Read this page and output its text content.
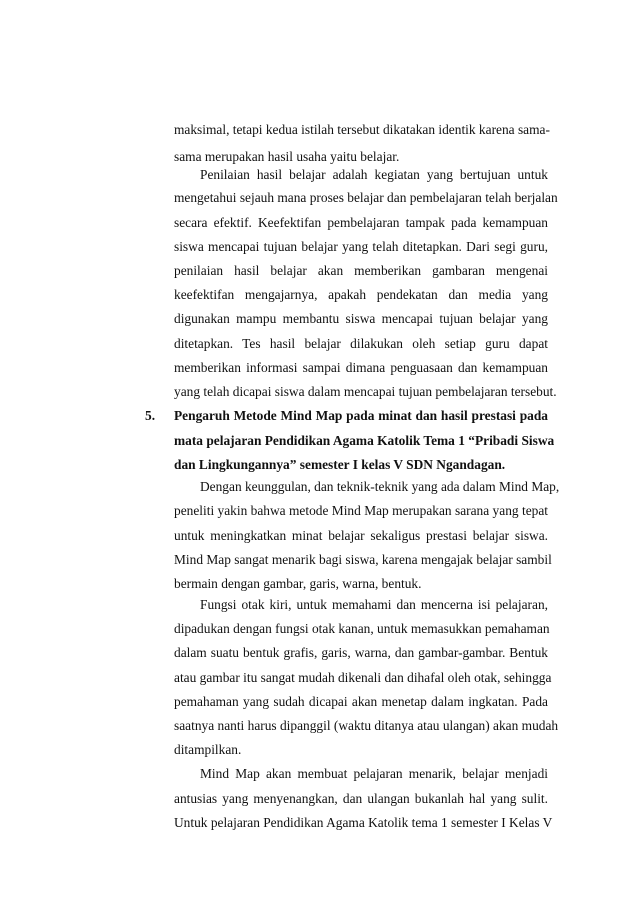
maksimal, tetapi kedua istilah tersebut dikatakan identik karena sama-
sama merupakan hasil usaha yaitu belajar.
Penilaian hasil belajar adalah kegiatan yang bertujuan untuk
mengetahui sejauh mana proses belajar dan pembelajaran telah berjalan
secara efektif. Keefektifan pembelajaran tampak pada kemampuan
siswa mencapai tujuan belajar yang telah ditetapkan. Dari segi guru,
penilaian hasil belajar akan memberikan gambaran mengenai
keefektifan mengajarnya, apakah pendekatan dan media yang
digunakan mampu membantu siswa mencapai tujuan belajar yang
ditetapkan. Tes hasil belajar dilakukan oleh setiap guru dapat
memberikan informasi sampai dimana penguasaan dan kemampuan
yang telah dicapai siswa dalam mencapai tujuan pembelajaran tersebut.
5.	Pengaruh Metode Mind Map pada minat dan hasil prestasi pada
mata pelajaran Pendidikan Agama Katolik Tema 1 “Pribadi Siswa
dan Lingkungannya” semester I kelas V SDN Ngandagan.
Dengan keunggulan, dan teknik-teknik yang ada dalam Mind Map,
peneliti yakin bahwa metode Mind Map merupakan sarana yang tepat
untuk meningkatkan minat belajar sekaligus prestasi belajar siswa.
Mind Map sangat menarik bagi siswa, karena mengajak belajar sambil
bermain dengan gambar, garis, warna, bentuk.
Fungsi otak kiri, untuk memahami dan mencerna isi pelajaran,
dipadukan dengan fungsi otak kanan, untuk memasukkan pemahaman
dalam suatu bentuk grafis, garis, warna, dan gambar-gambar. Bentuk
atau gambar itu sangat mudah dikenali dan dihafal oleh otak, sehingga
pemahaman yang sudah dicapai akan menetap dalam ingkatan. Pada
saatnya nanti harus dipanggil (waktu ditanya atau ulangan) akan mudah
ditampilkan.
Mind Map akan membuat pelajaran menarik, belajar menjadi
antusias yang menyenangkan, dan ulangan bukanlah hal yang sulit.
Untuk pelajaran Pendidikan Agama Katolik tema 1 semester I Kelas V
